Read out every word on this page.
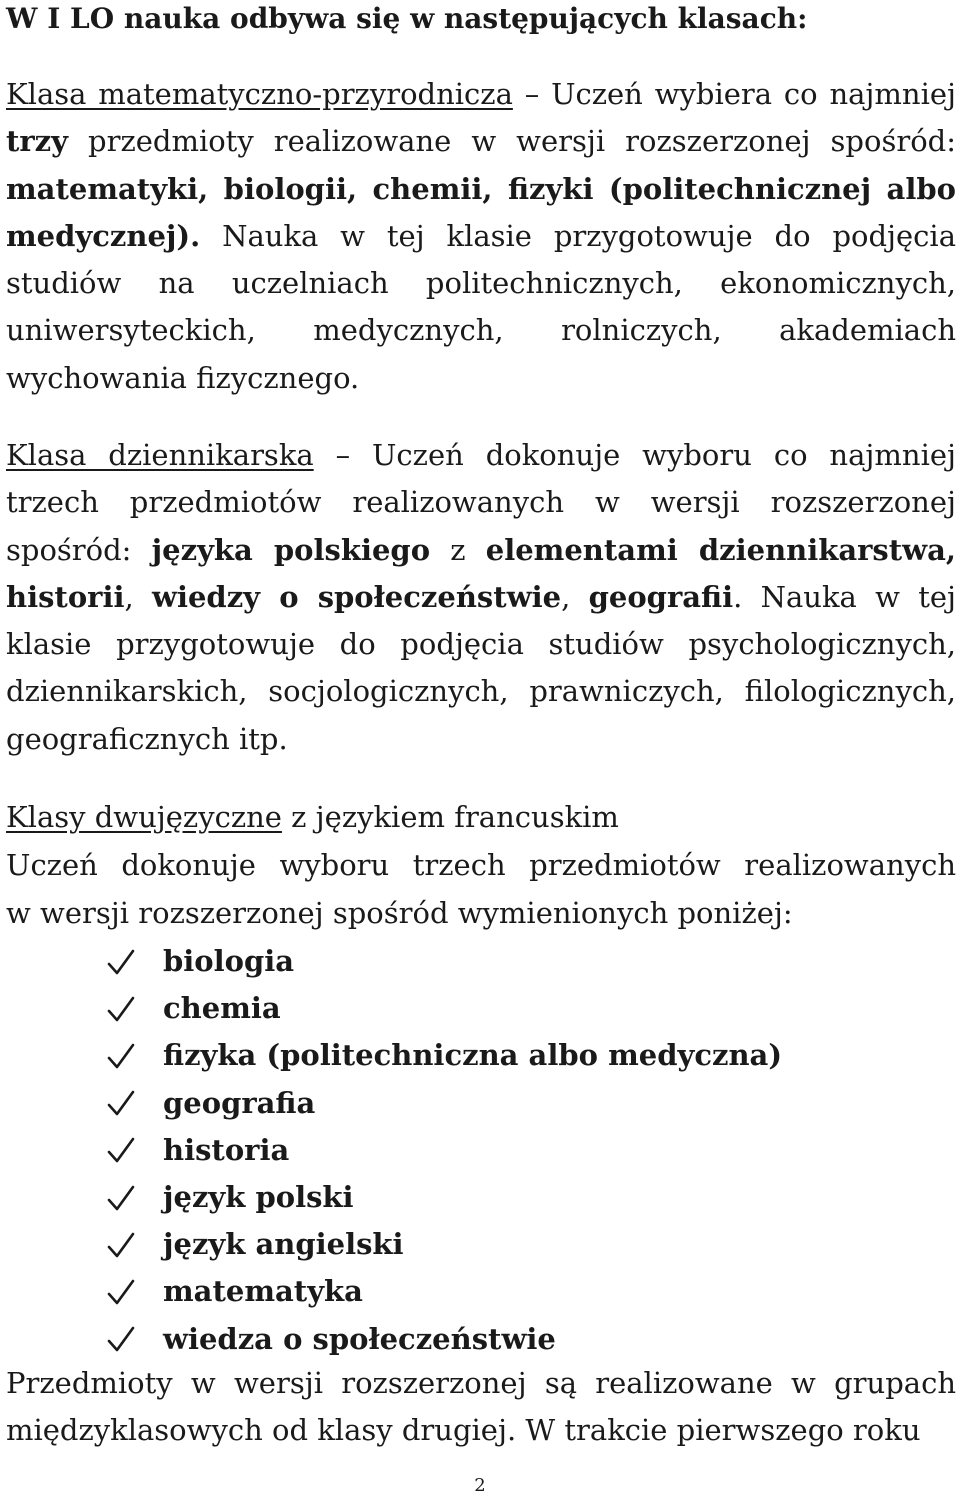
W I LO nauka odbywa się w następujących klasach:

Klasa matematyczno-przyrodnicza – Uczeń wybiera co najmniej trzy przedmioty realizowane w wersji rozszerzonej spośród: matematyki, biologii, chemii, fizyki (politechnicznej albo medycznej). Nauka w tej klasie przygotowuje do podjęcia studiów na uczelniach politechnicznych, ekonomicznych, uniwersyteckich, medycznych, rolniczych, akademiach wychowania fizycznego.

Klasa dziennikarska – Uczeń dokonuje wyboru co najmniej trzech przedmiotów realizowanych w wersji rozszerzonej spośród: języka polskiego z elementami dziennikarstwa, historii, wiedzy o społeczeństwie, geografii. Nauka w tej klasie przygotowuje do podjęcia studiów psychologicznych, dziennikarskich, socjologicznych, prawniczych, filologicznych, geograficznych itp.

Klasy dwujęzyczne z językiem francuskim
Uczeń dokonuje wyboru trzech przedmiotów realizowanych
w wersji rozszerzonej spośród wymienionych poniżej:
biologia
chemia
fizyka (politechniczna albo medyczna)
geografia
historia
język polski
język angielski
matematyka
wiedza o społeczeństwie

Przedmioty w wersji rozszerzonej są realizowane w grupach międzyklasowych od klasy drugiej. W trakcie pierwszego roku

2
